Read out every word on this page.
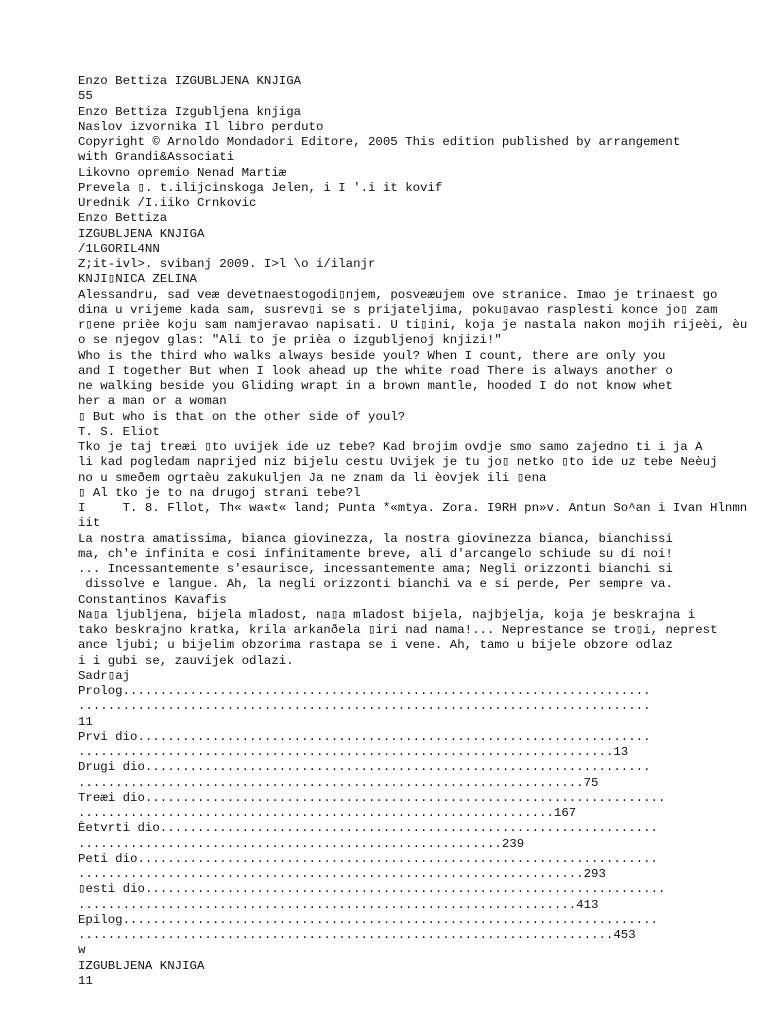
Enzo Bettiza IZGUBLJENA KNJIGA
55
Enzo Bettiza Izgubljena knjiga
Naslov izvornika Il libro perduto
Copyright © Arnoldo Mondadori Editore, 2005 This edition published by arrangement
with Grandi&Associati
Likovno opremio Nenad Martiæ
Prevela ▯. t.ilijcinskoga Jelen, i I '.i it kovif
Urednik /I.iiko Crnkovic
Enzo Bettiza
IZGUBLJENA KNJIGA
/1LGORIL4NN
Z;it-ivl>. svibanj 2009. I>l \o i/ilanjr
KNJI▯NICA ZELINA
Alessandru, sad veæ devetnaestogodi▯njem, posveæujem ove stranice. Imao je trinaest go
dina u vrijeme kada sam, susrev▯i se s prijateljima, poku▯avao rasplesti konce jo▯ zam
r▯ene prièe koju sam namjeravao napisati. U ti▯ini, koja je nastala nakon mojih rijeèi, èu
o se njegov glas: "Ali to je prièa o izgubljenoj knjizi!"
Who is the third who walks always beside youl? When I count, there are only you
and I together But when I look ahead up the white road There is always another o
ne walking beside you Gliding wrapt in a brown mantle, hooded I do not know whet
her a man or a woman
▯ But who is that on the other side of youl?
T. S. Eliot
Tko je taj treæi ▯to uvijek ide uz tebe? Kad brojim ovdje smo samo zajedno ti i ja A
li kad pogledam naprijed niz bijelu cestu Uvijek je tu jo▯ netko ▯to ide uz tebe Neèuj
no u smeðem ogrtaèu zakukuljen Ja ne znam da li èovjek ili ▯ena
▯ Al tko je to na drugoj strani tebe?l
I     T. 8. Fllot, Th« wa«t« land; Punta *«mtya. Zora. I9RH pn»v. Antun So^an i Ivan Hlnmn
iit
La nostra amatissima, bianca giovinezza, la nostra giovinezza bianca, bianchissi
ma, ch'e infinita e cosi infinitamente breve, ali d'arcangelo schiude su di noi!
... Incessantemente s'esaurisce, incessantemente ama; Negli orizzonti bianchi si
dissolve e langue. Ah, la negli orizzonti bianchi va e si perde, Per sempre va.
Constantinos Kavafis
Na▯a ljubljena, bijela mladost, na▯a mladost bijela, najbjelja, koja je beskrajna i
tako beskrajno kratka, krila arkanðela ▯iri nad nama!... Neprestance se tro▯i, neprest
ance ljubi; u bijelim obzorima rastapa se i vene. Ah, tamo u bijele obzore odlaz
i i gubi se, zauvijek odlazi.
Sadr▯aj
Prolog.......................................................................
.............................................................................
11
Prvi dio.....................................................................
........................................................................13
Drugi dio....................................................................
....................................................................75
Treæi dio......................................................................
................................................................167
Èetvrti dio...................................................................
.........................................................239
Peti dio......................................................................
....................................................................293
▯esti dio......................................................................
...................................................................413
Epilog........................................................................
........................................................................453
w
IZGUBLJENA KNJIGA
11
